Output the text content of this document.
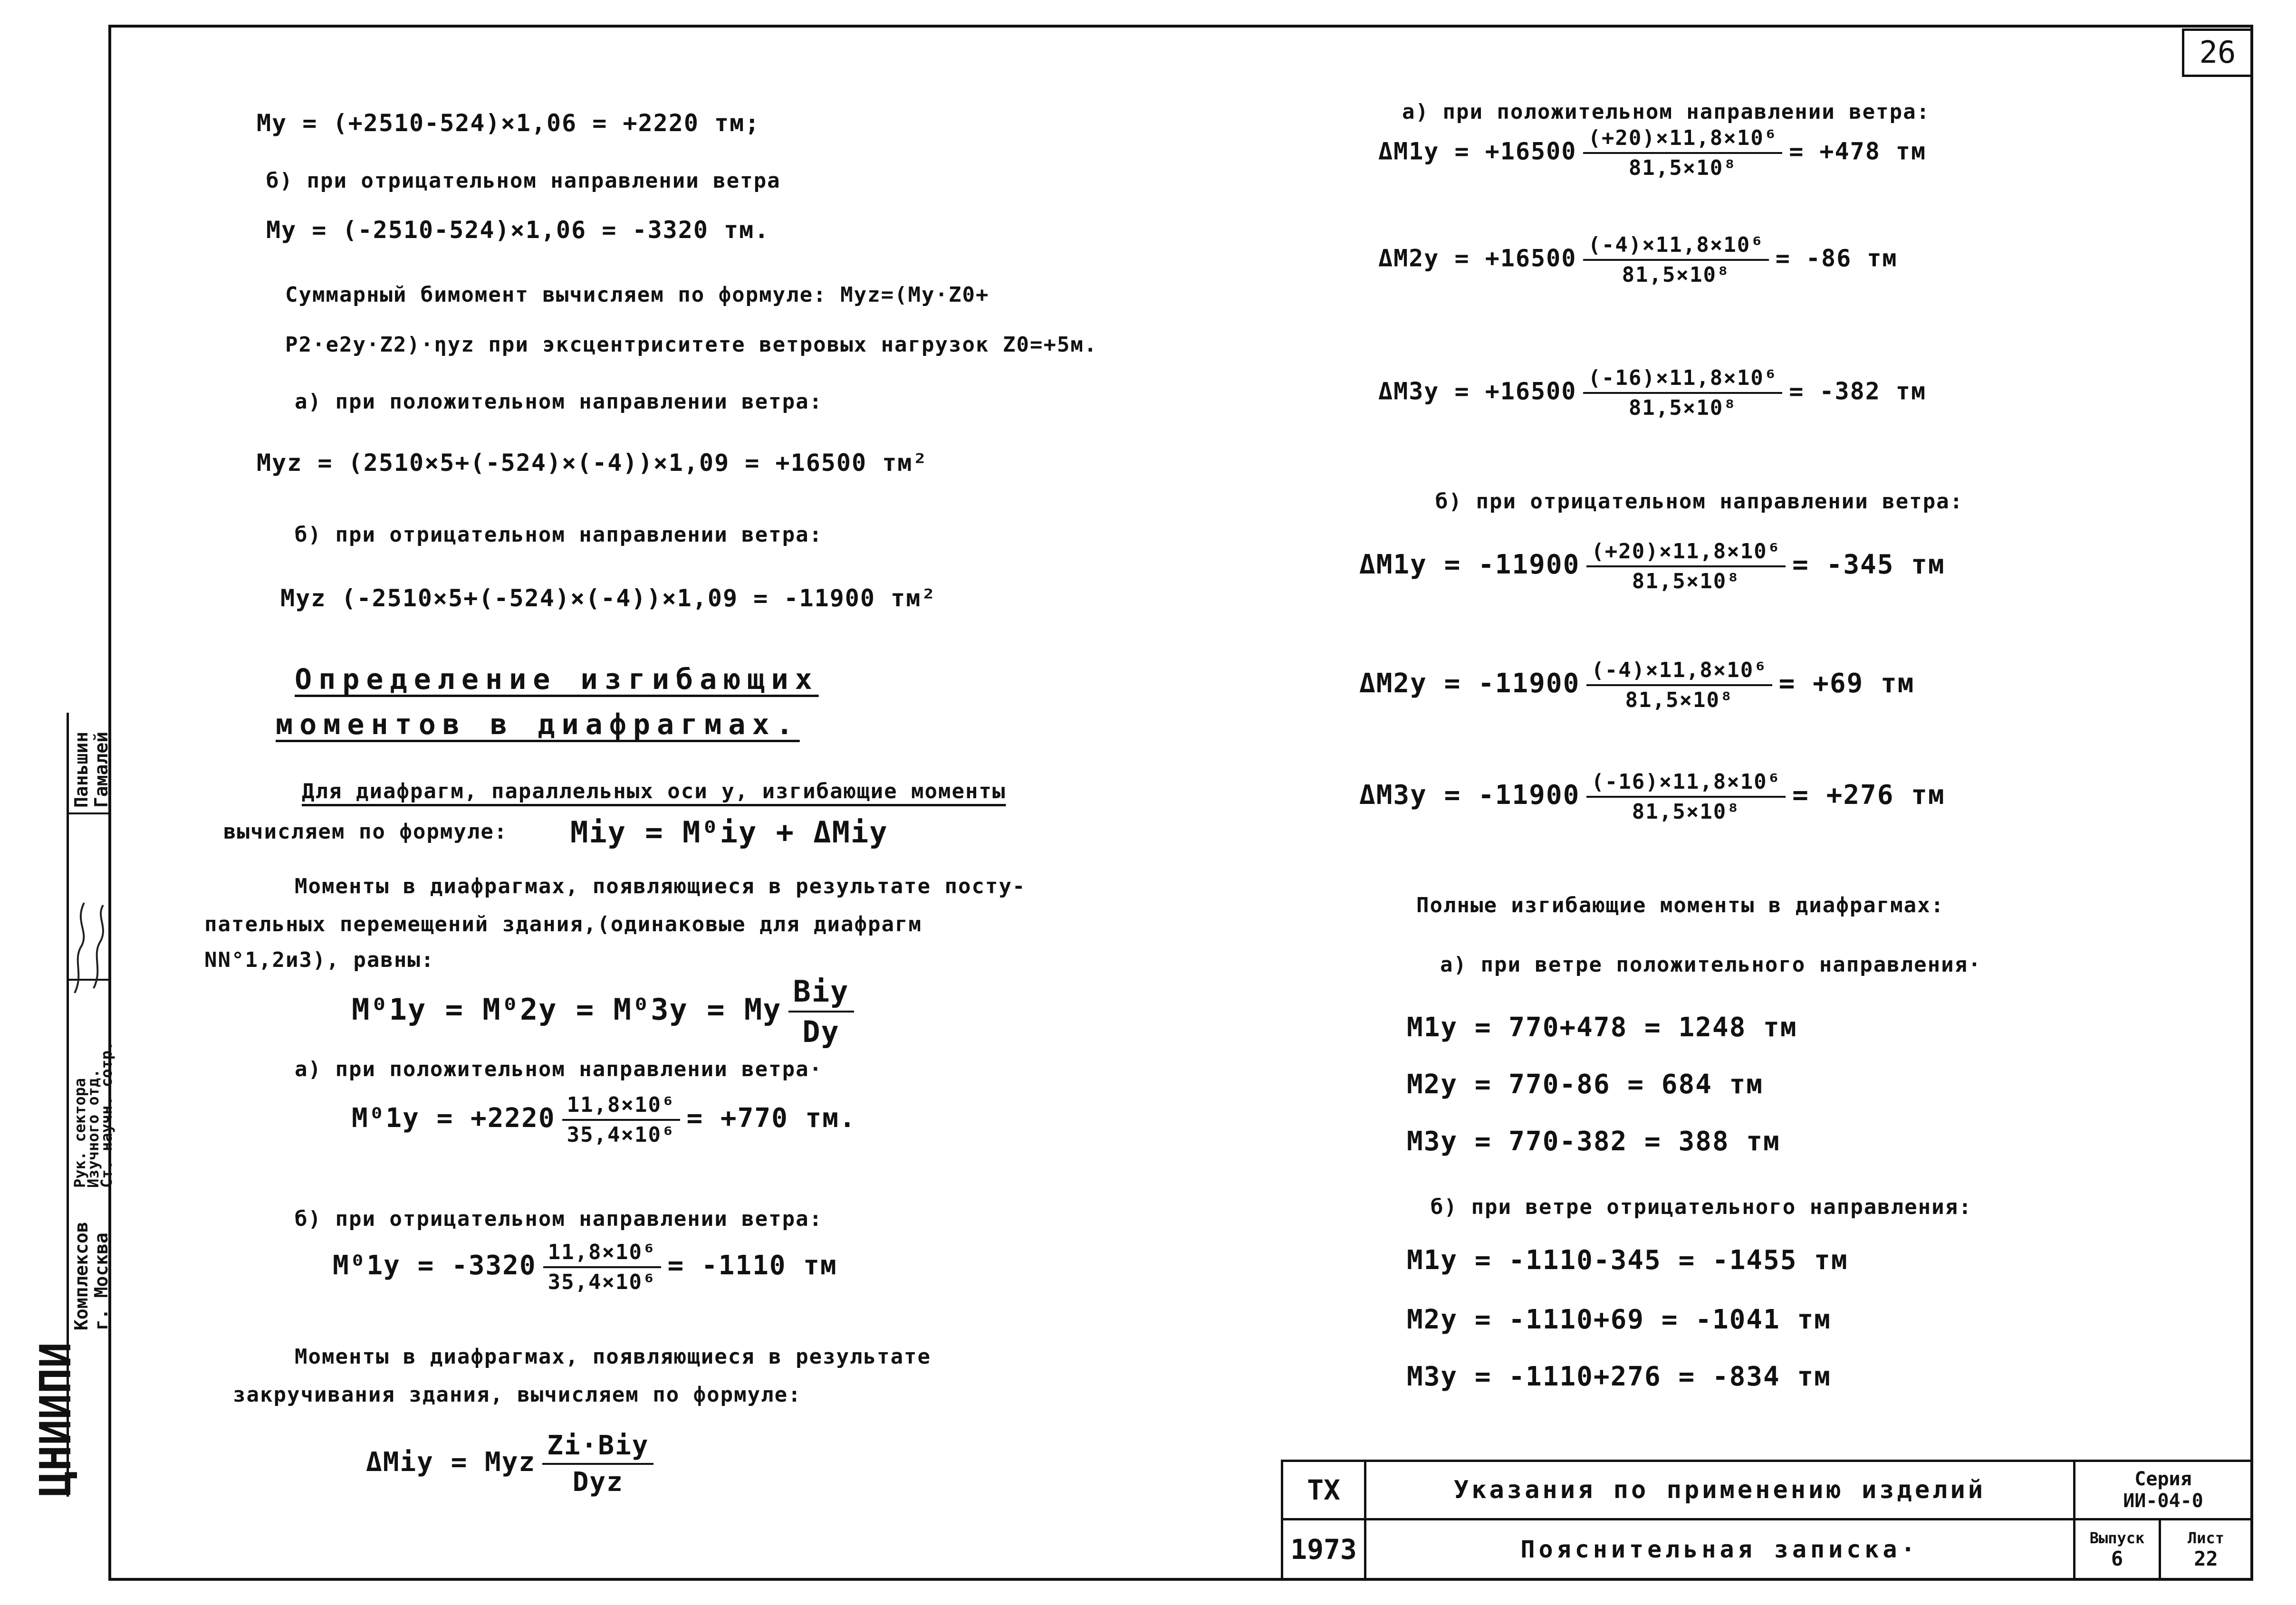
26
My = (+2510-524)×1,06 = +2220 тм;
б) при отрицательном направлении ветра
My = (-2510-524)×1,06 = -3320 тм.
Суммарный бимомент вычисляем по формуле: Myz=(My·Z0+
P2·e2y·Z2)·ηyz при эксцентриситете ветровых нагрузок Z0=+5м.
а) при положительном направлении ветра:
Myz = (2510×5+(-524)×(-4))×1,09 = +16500 тм²
б) при отрицательном направлении ветра:
Myz (-2510×5+(-524)×(-4))×1,09 = -11900 тм²
Определение изгибающих
моментов в диафрагмах.
Для диафрагм, параллельных оси y, изгибающие моменты
вычисляем по формуле: Miy = M⁰iy + ΔMiy
Моменты в диафрагмах, появляющиеся в результате посту-
пательных перемещений здания,(одинаковые для диафрагм
NN°1,2и3), равны:
M⁰1y = M⁰2y = M⁰3y = My $\frac{\text{Biy}}{Dy}$
а) при положительном направлении ветра·
$M^01y = +2220 \frac{\text{11,8×10⁶}}{\text{35,4×10⁶}} = +770$ тм.
б) при отрицательном направлении ветра:
$M^01y = -3320 \frac{\text{11,8×10⁶}}{\text{35,4×10⁶}} = -1110$ тм
Моменты в диафрагмах, появляющиеся в результате
закручивания здания, вычисляем по формуле:
ΔMiy = Myz $\frac{\text{Zi·Biy}}{\text{Dyz}}$
а) при положительном направлении ветра:
$\Delta M1y = +16500 \frac{\text{(+20)×11,8×10⁶}}{\text{81,5×10⁸}} = +478$ тм
$\Delta M2y = +16500 \frac{\text{(-4)×11,8×10⁶}}{\text{81,5×10⁸}} = -86$ тм
$\Delta M3y = +16500 \frac{\text{(-16)×11,8×10⁶}}{\text{81,5×10⁸}} = -382$ тм
б) при отрицательном направлении ветра:
$\Delta M1y = -11900 \frac{\text{(+20)×11,8×10⁶}}{\text{81,5×10⁸}} = -345$ тм
$\Delta M2y = -11900 \frac{\text{(-4)×11,8×10⁶}}{\text{81,5×10⁸}} = +69$ тм
$\Delta M3y = -11900 \frac{\text{(-16)×11,8×10⁶}}{\text{81,5×10⁸}} = +276$ тм
Полные изгибающие моменты в диафрагмах:
а) при ветре положительного направления·
M1y = 770+478 = 1248 тм
M2y = 770-86 = 684 тм
M3y = 770-382 = 388 тм
б) при ветре отрицательного направления:
M1y = -1110-345 = -1455 тм
M2y = -1110+69 = -1041 тм
M3y = -1110+276 = -834 тм
ЦНИИПИ
Комплексов
г. Москва
Рук. сектора
Изучного отд.
Ст. научн. сотр.
Паньшин
Гамалей
ТХ
1973
Указания по применению изделий
Пояснительная записка·
Серия
ИИ-04-0
Выпуск
6
Лист
22
